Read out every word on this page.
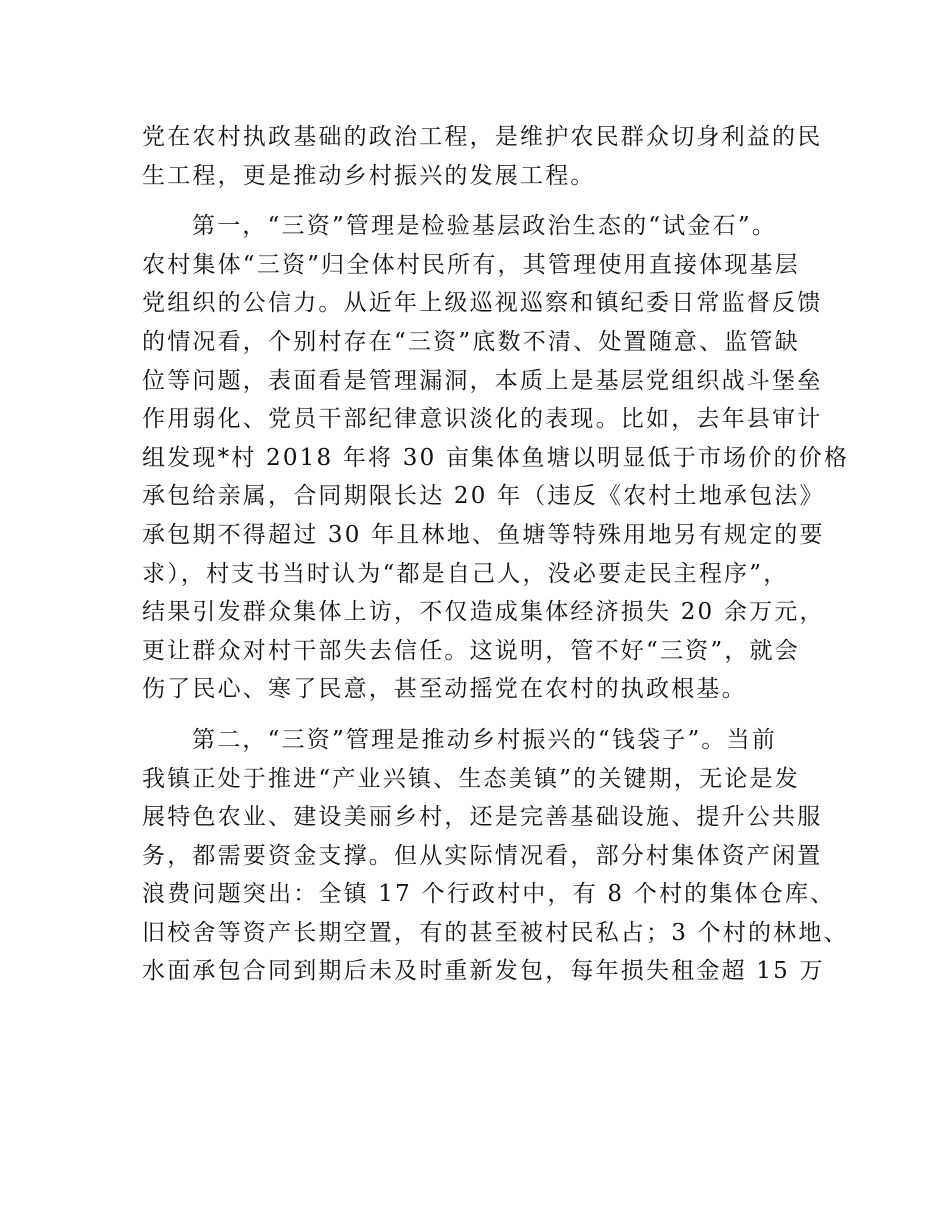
党在农村执政基础的政治工程，是维护农民群众切身利益的民
生工程，更是推动乡村振兴的发展工程。
第一，“三资”管理是检验基层政治生态的“试金石”。
农村集体“三资”归全体村民所有，其管理使用直接体现基层
党组织的公信力。从近年上级巡视巡察和镇纪委日常监督反馈
的情况看，个别村存在“三资”底数不清、处置随意、监管缺
位等问题，表面看是管理漏洞，本质上是基层党组织战斗堡垒
作用弱化、党员干部纪律意识淡化的表现。比如，去年县审计
组发现*村 2018 年将 30 亩集体鱼塘以明显低于市场价的价格
承包给亲属，合同期限长达 20 年（违反《农村土地承包法》
承包期不得超过 30 年且林地、鱼塘等特殊用地另有规定的要
求），村支书当时认为“都是自己人，没必要走民主程序”，
结果引发群众集体上访，不仅造成集体经济损失 20 余万元，
更让群众对村干部失去信任。这说明，管不好“三资”，就会
伤了民心、寒了民意，甚至动摇党在农村的执政根基。
第二，“三资”管理是推动乡村振兴的“钱袋子”。当前
我镇正处于推进“产业兴镇、生态美镇”的关键期，无论是发
展特色农业、建设美丽乡村，还是完善基础设施、提升公共服
务，都需要资金支撑。但从实际情况看，部分村集体资产闲置
浪费问题突出：全镇 17 个行政村中，有 8 个村的集体仓库、
旧校舍等资产长期空置，有的甚至被村民私占；3 个村的林地、
水面承包合同到期后未及时重新发包，每年损失租金超 15 万
